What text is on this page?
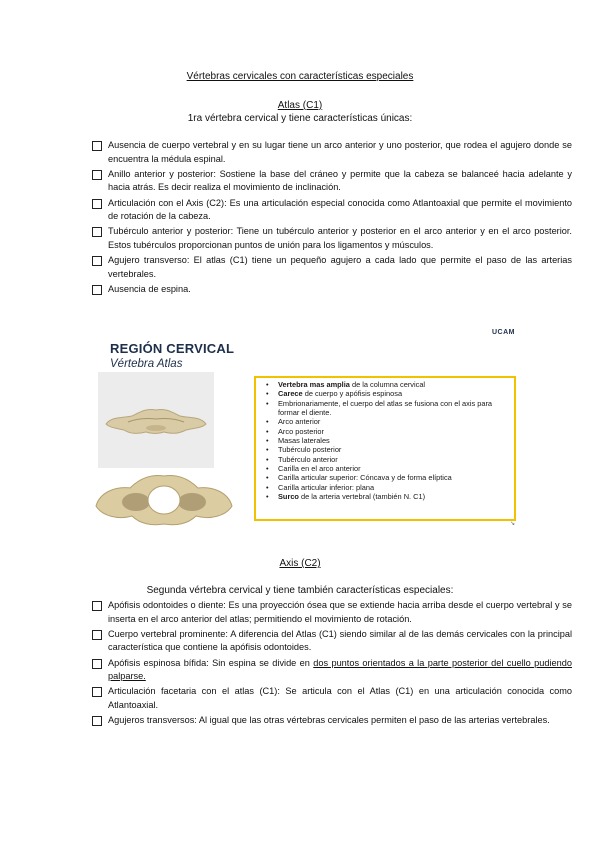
Vértebras cervicales con características especiales
Atlas (C1)
1ra vértebra cervical y tiene características únicas:
Ausencia de cuerpo vertebral y en su lugar tiene un arco anterior y uno posterior, que rodea el agujero donde se encuentra la médula espinal.
Anillo anterior y posterior: Sostiene la base del cráneo y permite que la cabeza se balanceé hacia adelante y hacia atrás. Es decir realiza el movimiento de inclinación.
Articulación con el Axis (C2): Es una articulación especial conocida como Atlantoaxial que permite el movimiento de rotación de la cabeza.
Tubérculo anterior y posterior: Tiene un tubérculo anterior y posterior en el arco anterior y en el arco posterior. Estos tubérculos proporcionan puntos de unión para los ligamentos y músculos.
Agujero transverso: El atlas (C1) tiene un pequeño agujero a cada lado que permite el paso de las arterias vertebrales.
Ausencia de espina.
REGIÓN CERVICAL
Vértebra Atlas
UCAM
• Vertebra mas amplia de la columna cervical
• Carece de cuerpo y apófisis espinosa
• Embrionariamente, el cuerpo del atlas se fusiona con el axis para formar el diente.
• Arco anterior
• Arco posterior
• Masas laterales
• Tubérculo posterior
• Tubérculo anterior
• Carilla en el arco anterior
• Carilla articular superior: Cóncava y de forma elíptica
• Carilla articular inferior: plana
• Surco de la arteria vertebral (también N. C1)
↘
Axis (C2)
Segunda vértebra cervical y tiene también características especiales:
Apófisis odontoides o diente: Es una proyección ósea que se extiende hacia arriba desde el cuerpo vertebral y se inserta en el arco anterior del atlas; permitiendo el movimiento de rotación.
Cuerpo vertebral prominente: A diferencia del Atlas (C1) siendo similar al de las demás cervicales con la principal característica que contiene la apófisis odontoides.
Apófisis espinosa bífida: Sin espina se divide en dos puntos orientados a la parte posterior del cuello pudiendo palparse.
Articulación facetaria con el atlas (C1): Se articula con el Atlas (C1) en una articulación conocida como Atlantoaxial.
Agujeros transversos: Al igual que las otras vértebras cervicales permiten el paso de las arterias vertebrales.
